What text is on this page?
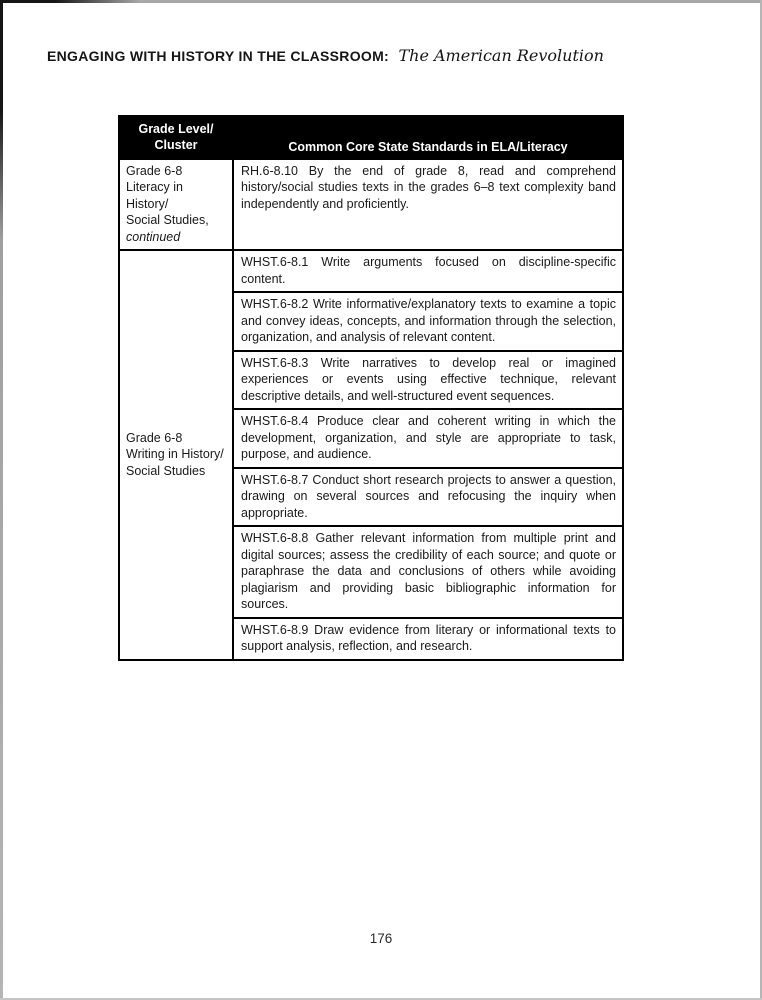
ENGAGING WITH HISTORY IN THE CLASSROOM: The American Revolution
Grade Level/
Cluster	Common Core State Standards in ELA/Literacy

Grade 6-8
Literacy in History/
Social Studies,
continued	RH.6-8.10 By the end of grade 8, read and comprehend history/social studies texts in the grades 6–8 text complexity band independently and proficiently.

Grade 6-8
Writing in History/
Social Studies	WHST.6-8.1 Write arguments focused on discipline-specific content.
	WHST.6-8.2 Write informative/explanatory texts to examine a topic and convey ideas, concepts, and information through the selection, organization, and analysis of relevant content.
	WHST.6-8.3 Write narratives to develop real or imagined experiences or events using effective technique, relevant descriptive details, and well-structured event sequences.
	WHST.6-8.4 Produce clear and coherent writing in which the development, organization, and style are appropriate to task, purpose, and audience.
	WHST.6-8.7 Conduct short research projects to answer a question, drawing on several sources and refocusing the inquiry when appropriate.
	WHST.6-8.8 Gather relevant information from multiple print and digital sources; assess the credibility of each source; and quote or paraphrase the data and conclusions of others while avoiding plagiarism and providing basic bibliographic information for sources.
	WHST.6-8.9 Draw evidence from literary or informational texts to support analysis, reflection, and research.
176
